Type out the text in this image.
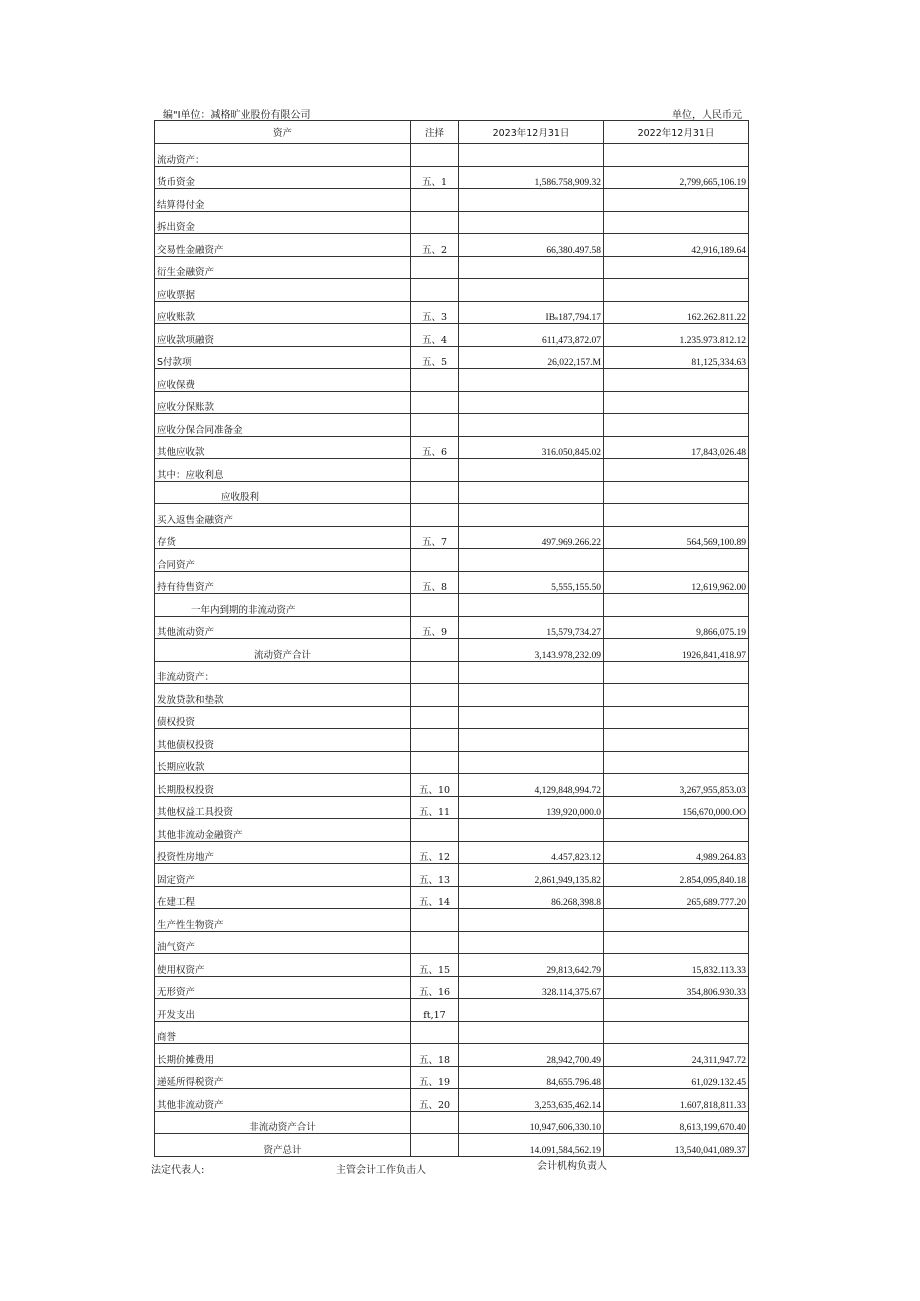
编"I单位：减格旷业股份有限公司	单位，人民币元
资产	注择	2023年12月31日	2022年12月31日
流动资产：			
货币资金	五、1	1,586.758,909.32	2,799,665,106.19
结算得付金			
拆出资金			
交易性金融资产	五、2	66,380.497.58	42,916,189.64
衍生金融资产			
应收票据			
应收账款	五、3	IBₛ187,794.17	162.262.811.22
应收款项融资	五、4	611,473,872.07	1.235.973.812.12
S付款项	五、5	26,022,157.M	81,125,334.63
应收保费			
应收分保账款			
应收分保合同准备金			
其他应收款	五、6	316.050,845.02	17,843,026.48
其中：应收利息			
应收股利			
买入返售金融资产			
存货	五、7	497.969.266.22	564,569,100.89
合同资产			
持有待售资产	五、8	5,555,155.50	12,619,962.00
一年内到期的非流动资产			
其他流动资产	五、9	15,579,734.27	9,866,075.19
流动资产合计		3,143.978,232.09	1926,841,418.97
非流动资产：			
发放贷款和垫款			
债权投资			
其他债权投资			
长期应收款			
长期股权投资	五、10	4,129,848,994.72	3,267,955,853.03
其他权益工具投资	五、11	139,920,000.0	156,670,000.OO
其他非流动金融资产			
投资性房地产	五、12	4.457,823.12	4,989.264.83
固定资产	五、13	2,861,949,135.82	2.854,095,840.18
在建工程	五、14	86.268,398.8	265,689.777.20
生产性生物资产			
油气资产			
使用权资产	五、15	29,813,642.79	15,832.113.33
无形资产	五、16	328.114,375.67	354,806.930.33
开发支出	ft,17		
商誉			
长期价摊费用	五、18	28,942,700.49	24,311,947.72
递延所得税资产	五、19	84,655.796.48	61,029.132.45
其他非流动资产	五、20	3,253,635,462.14	1.607,818,811.33
非流动资产合计		10,947,606,330.10	8,613,199,670.40
资产总计		14.091,584,562.19	13,540,041,089.37
法定代表人:	主管会计工作负击人	会计机构负责人
